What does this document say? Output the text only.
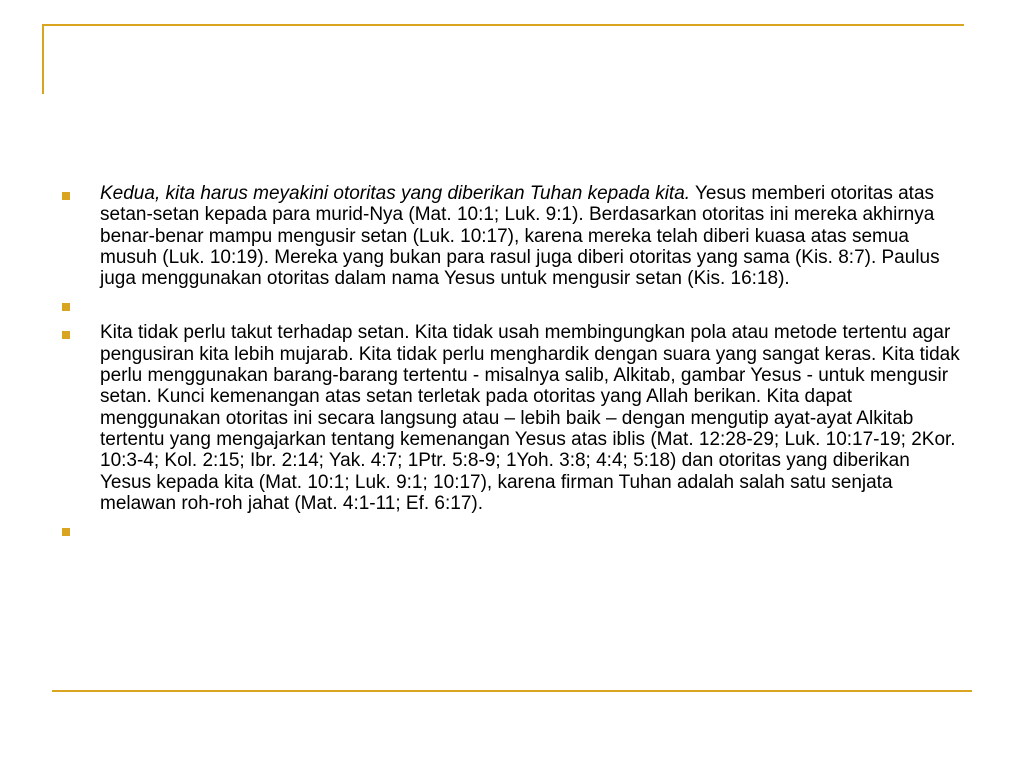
Kedua, kita harus meyakini otoritas yang diberikan Tuhan kepada kita. Yesus memberi otoritas atas setan-setan kepada para murid-Nya (Mat. 10:1; Luk. 9:1). Berdasarkan otoritas ini mereka akhirnya benar-benar mampu mengusir setan (Luk. 10:17), karena mereka telah diberi kuasa atas semua musuh (Luk. 10:19). Mereka yang bukan para rasul juga diberi otoritas yang sama (Kis. 8:7). Paulus juga menggunakan otoritas dalam nama Yesus untuk mengusir setan (Kis. 16:18).
Kita tidak perlu takut terhadap setan. Kita tidak usah membingungkan pola atau metode tertentu agar pengusiran kita lebih mujarab. Kita tidak perlu menghardik dengan suara yang sangat keras. Kita tidak perlu menggunakan barang-barang tertentu - misalnya salib, Alkitab, gambar Yesus - untuk mengusir setan. Kunci kemenangan atas setan terletak pada otoritas yang Allah berikan. Kita dapat menggunakan otoritas ini secara langsung atau – lebih baik – dengan mengutip ayat-ayat Alkitab tertentu yang mengajarkan tentang kemenangan Yesus atas iblis (Mat. 12:28-29; Luk. 10:17-19; 2Kor. 10:3-4; Kol. 2:15; Ibr. 2:14; Yak. 4:7; 1Ptr. 5:8-9; 1Yoh. 3:8; 4:4; 5:18) dan otoritas yang diberikan Yesus kepada kita (Mat. 10:1; Luk. 9:1; 10:17), karena firman Tuhan adalah salah satu senjata melawan roh-roh jahat (Mat. 4:1-11; Ef. 6:17).
